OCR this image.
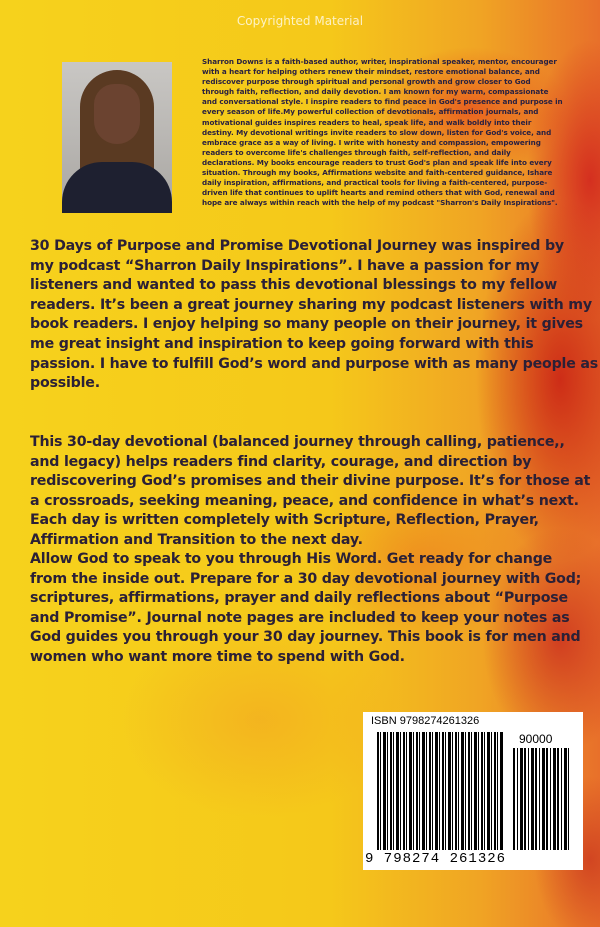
Copyrighted Material
Sharron Downs is a faith-based author, writer, inspirational speaker, mentor, encourager
with a heart for helping others renew their mindset, restore emotional balance, and
rediscover purpose through spiritual and personal growth and grow closer to God
through faith, reflection, and daily devotion. I am known for my warm, compassionate
and conversational style. I inspire readers to find peace in God's presence and purpose in
every season of life.My powerful collection of devotionals, affirmation journals, and
motivational guides inspires readers to heal, speak life, and walk boldly into their
destiny. My devotional writings invite readers to slow down, listen for God's voice, and
embrace grace as a way of living. I write with honesty and compassion, empowering
readers to overcome life's challenges through faith, self-reflection, and daily
declarations. My books encourage readers to trust God's plan and speak life into every
situation. Through my books, Affirmations website and faith-centered guidance, Ishare
daily inspiration, affirmations, and practical tools for living a faith-centered, purpose-
driven life that continues to uplift hearts and remind others that with God, renewal and
hope are always within reach with the help of my podcast "Sharron's Daily Inspirations".
30 Days of Purpose and Promise Devotional Journey was inspired by
my podcast “Sharron Daily Inspirations”. I have a passion for my
listeners and wanted to pass this devotional blessings to my fellow
readers. It’s been a great journey sharing my podcast listeners with my
book readers. I enjoy helping so many people on their journey, it gives
me great insight and inspiration to keep going forward with this
passion. I have to fulfill God’s word and purpose with as many people as
possible.
This 30-day devotional (balanced journey through calling, patience,,
and legacy) helps readers find clarity, courage, and direction by
rediscovering God’s promises and their divine purpose. It’s for those at
a crossroads, seeking meaning, peace, and confidence in what’s next.
Each day is written completely with Scripture, Reflection, Prayer,
Affirmation and Transition to the next day.
Allow God to speak to you through His Word. Get ready for change
from the inside out. Prepare for a 30 day devotional journey with God;
scriptures, affirmations, prayer and daily reflections about “Purpose
and Promise”. Journal note pages are included to keep your notes as
God guides you through your 30 day journey. This book is for men and
women who want more time to spend with God.
ISBN 9798274261326
90000
9 798274 261326
